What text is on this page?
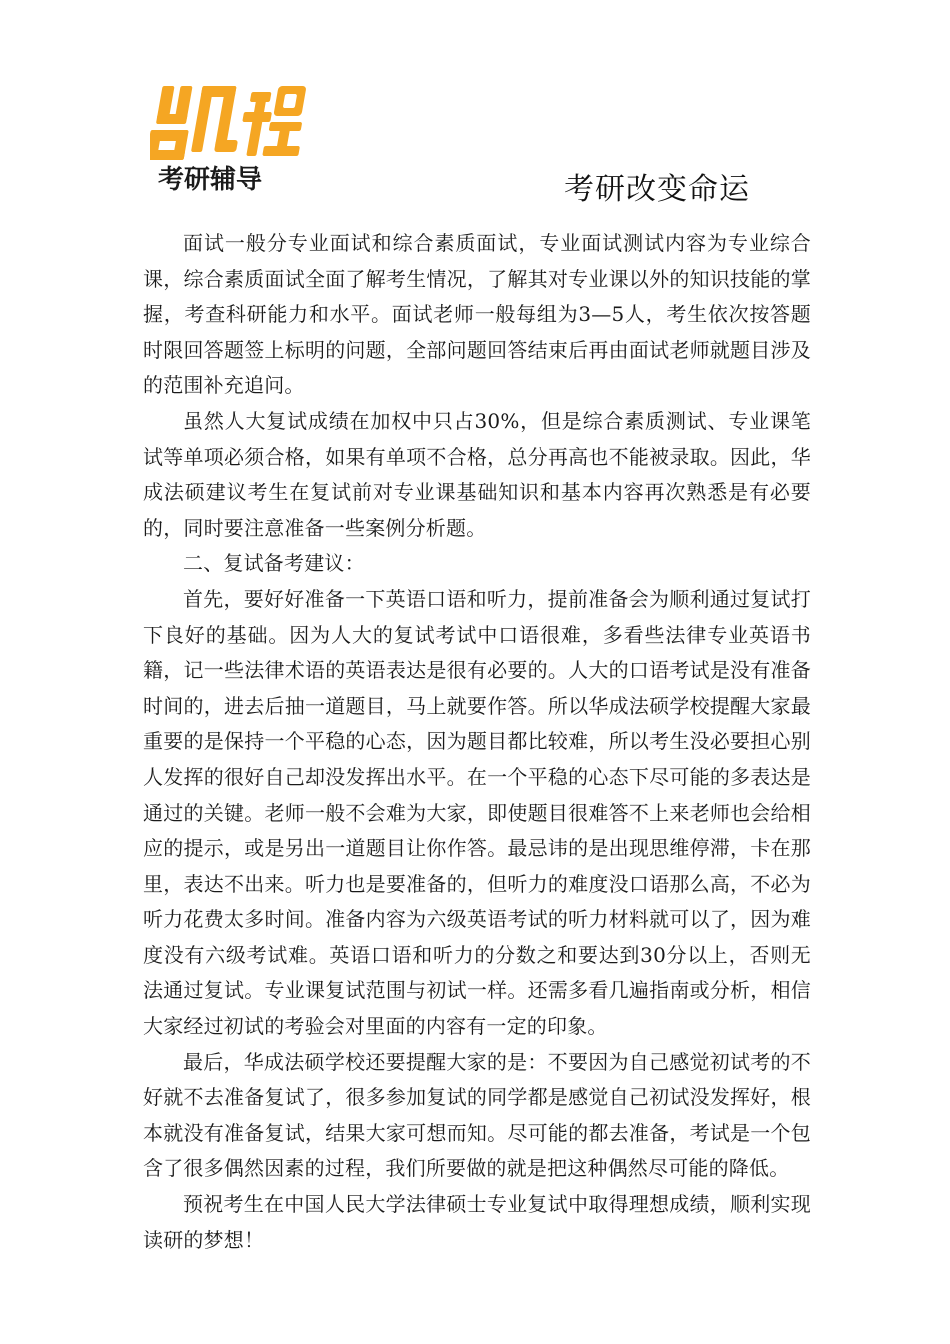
考研辅导	考研改变命运

面试一般分专业面试和综合素质面试，专业面试测试内容为专业综合课，综合素质面试全面了解考生情况，了解其对专业课以外的知识技能的掌握，考查科研能力和水平。面试老师一般每组为3—5人，考生依次按答题时限回答题签上标明的问题，全部问题回答结束后再由面试老师就题目涉及的范围补充追问。

虽然人大复试成绩在加权中只占30%，但是综合素质测试、专业课笔试等单项必须合格，如果有单项不合格，总分再高也不能被录取。因此，华成法硕建议考生在复试前对专业课基础知识和基本内容再次熟悉是有必要的，同时要注意准备一些案例分析题。

二、复试备考建议：

首先，要好好准备一下英语口语和听力，提前准备会为顺利通过复试打下良好的基础。因为人大的复试考试中口语很难，多看些法律专业英语书籍，记一些法律术语的英语表达是很有必要的。人大的口语考试是没有准备时间的，进去后抽一道题目，马上就要作答。所以华成法硕学校提醒大家最重要的是保持一个平稳的心态，因为题目都比较难，所以考生没必要担心别人发挥的很好自己却没发挥出水平。在一个平稳的心态下尽可能的多表达是通过的关键。老师一般不会难为大家，即使题目很难答不上来老师也会给相应的提示，或是另出一道题目让你作答。最忌讳的是出现思维停滞，卡在那里，表达不出来。听力也是要准备的，但听力的难度没口语那么高，不必为听力花费太多时间。准备内容为六级英语考试的听力材料就可以了，因为难度没有六级考试难。英语口语和听力的分数之和要达到30分以上，否则无法通过复试。专业课复试范围与初试一样。还需多看几遍指南或分析，相信大家经过初试的考验会对里面的内容有一定的印象。

最后，华成法硕学校还要提醒大家的是：不要因为自己感觉初试考的不好就不去准备复试了，很多参加复试的同学都是感觉自己初试没发挥好，根本就没有准备复试，结果大家可想而知。尽可能的都去准备，考试是一个包含了很多偶然因素的过程，我们所要做的就是把这种偶然尽可能的降低。

预祝考生在中国人民大学法律硕士专业复试中取得理想成绩，顺利实现读研的梦想！
